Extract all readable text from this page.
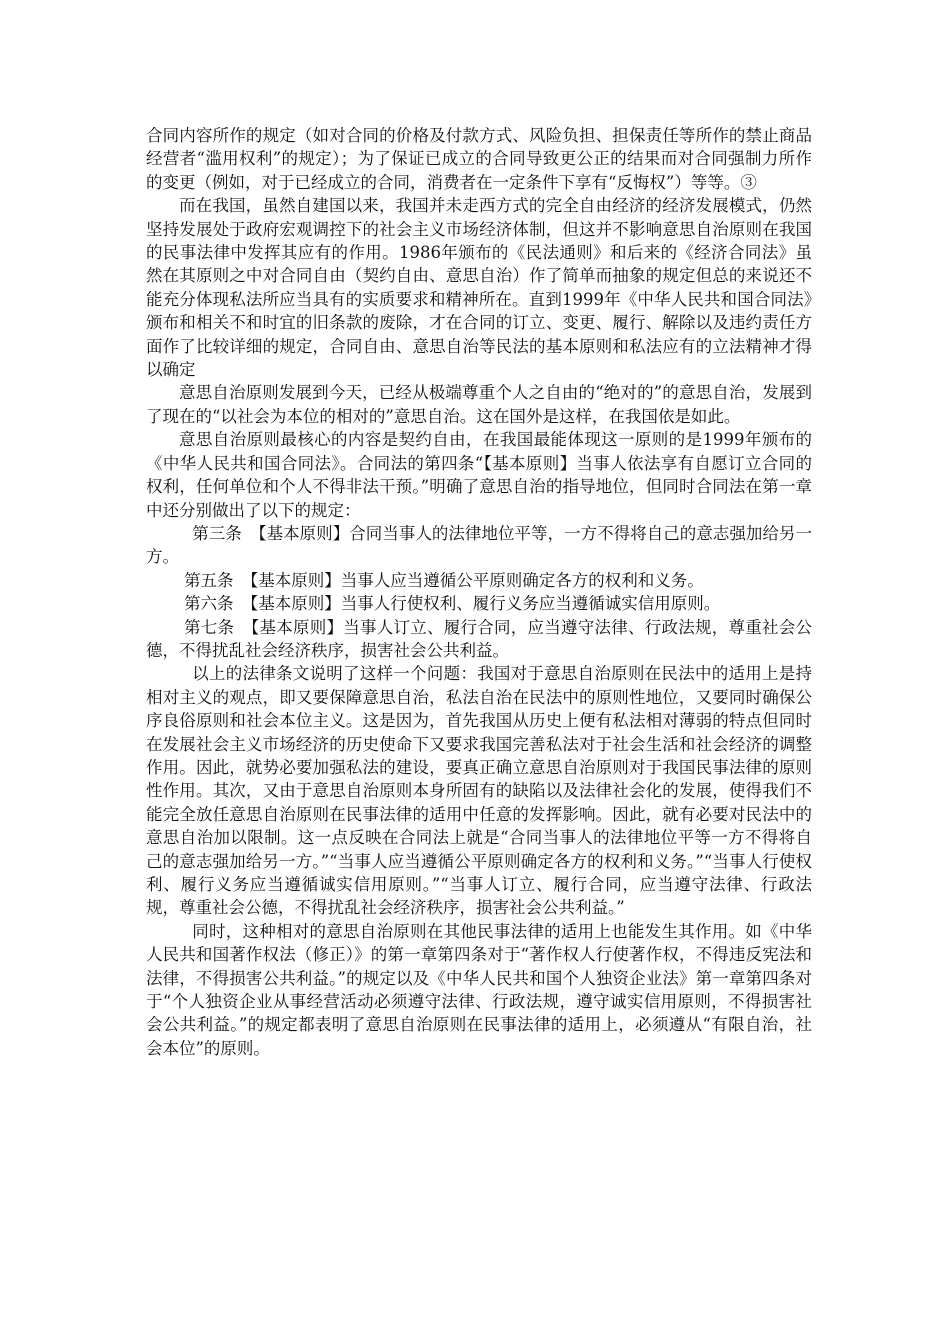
合同内容所作的规定（如对合同的价格及付款方式、风险负担、担保责任等所作的禁止商品经营者“滥用权利”的规定）；为了保证已成立的合同导致更公正的结果而对合同强制力所作的变更（例如，对于已经成立的合同，消费者在一定条件下享有“反悔权”）等等。③

而在我国，虽然自建国以来，我国并未走西方式的完全自由经济的经济发展模式，仍然坚持发展处于政府宏观调控下的社会主义市场经济体制，但这并不影响意思自治原则在我国的民事法律中发挥其应有的作用。1986年颁布的《民法通则》和后来的《经济合同法》虽然在其原则之中对合同自由（契约自由、意思自治）作了简单而抽象的规定但总的来说还不能充分体现私法所应当具有的实质要求和精神所在。直到1999年《中华人民共和国合同法》颁布和相关不和时宜的旧条款的废除，才在合同的订立、变更、履行、解除以及违约责任方面作了比较详细的规定，合同自由、意思自治等民法的基本原则和私法应有的立法精神才得以确定

意思自治原则发展到今天，已经从极端尊重个人之自由的“绝对的”的意思自治，发展到了现在的“以社会为本位的相对的”意思自治。这在国外是这样，在我国依是如此。

意思自治原则最核心的内容是契约自由，在我国最能体现这一原则的是1999年颁布的《中华人民共和国合同法》。合同法的第四条“【基本原则】当事人依法享有自愿订立合同的权利，任何单位和个人不得非法干预。”明确了意思自治的指导地位，但同时合同法在第一章中还分别做出了以下的规定：

第三条　【基本原则】合同当事人的法律地位平等，一方不得将自己的意志强加给另一方。

第五条　【基本原则】当事人应当遵循公平原则确定各方的权利和义务。

第六条　【基本原则】当事人行使权利、履行义务应当遵循诚实信用原则。

第七条　【基本原则】当事人订立、履行合同，应当遵守法律、行政法规，尊重社会公德，不得扰乱社会经济秩序，损害社会公共利益。

以上的法律条文说明了这样一个问题：我国对于意思自治原则在民法中的适用上是持相对主义的观点，即又要保障意思自治，私法自治在民法中的原则性地位，又要同时确保公序良俗原则和社会本位主义。这是因为，首先我国从历史上便有私法相对薄弱的特点但同时在发展社会主义市场经济的历史使命下又要求我国完善私法对于社会生活和社会经济的调整作用。因此，就势必要加强私法的建设，要真正确立意思自治原则对于我国民事法律的原则性作用。其次，又由于意思自治原则本身所固有的缺陷以及法律社会化的发展，使得我们不能完全放任意思自治原则在民事法律的适用中任意的发挥影响。因此，就有必要对民法中的意思自治加以限制。这一点反映在合同法上就是“合同当事人的法律地位平等一方不得将自己的意志强加给另一方。”“当事人应当遵循公平原则确定各方的权利和义务。”“当事人行使权利、履行义务应当遵循诚实信用原则。”“当事人订立、履行合同，应当遵守法律、行政法规，尊重社会公德，不得扰乱社会经济秩序，损害社会公共利益。”

同时，这种相对的意思自治原则在其他民事法律的适用上也能发生其作用。如《中华人民共和国著作权法（修正）》的第一章第四条对于“著作权人行使著作权，不得违反宪法和法律，不得损害公共利益。”的规定以及《中华人民共和国个人独资企业法》第一章第四条对于“个人独资企业从事经营活动必须遵守法律、行政法规，遵守诚实信用原则，不得损害社会公共利益。”的规定都表明了意思自治原则在民事法律的适用上，必须遵从“有限自治，社会本位”的原则。
